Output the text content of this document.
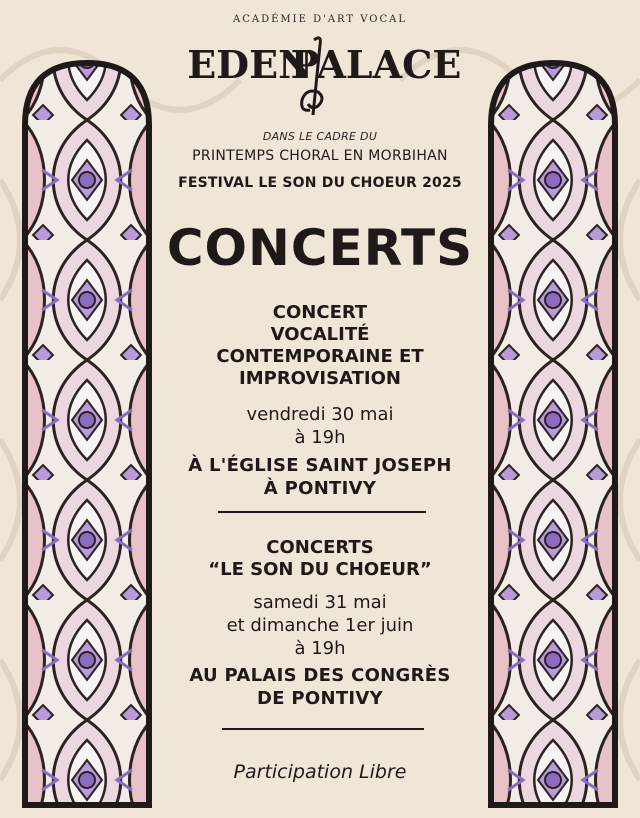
ACADÉMIE D'ART VOCAL
EDEN
PALACE
DANS LE CADRE DU
PRINTEMPS CHORAL EN MORBIHAN
FESTIVAL LE SON DU CHOEUR 2025
CONCERTS
CONCERT
VOCALITÉ
CONTEMPORAINE ET
IMPROVISATION
vendredi 30 mai
à 19h
À L'ÉGLISE SAINT JOSEPH
À PONTIVY
CONCERTS
“LE SON DU CHOEUR”
samedi 31 mai
et dimanche 1er juin
à 19h
AU PALAIS DES CONGRÈS
DE PONTIVY
Participation Libre
